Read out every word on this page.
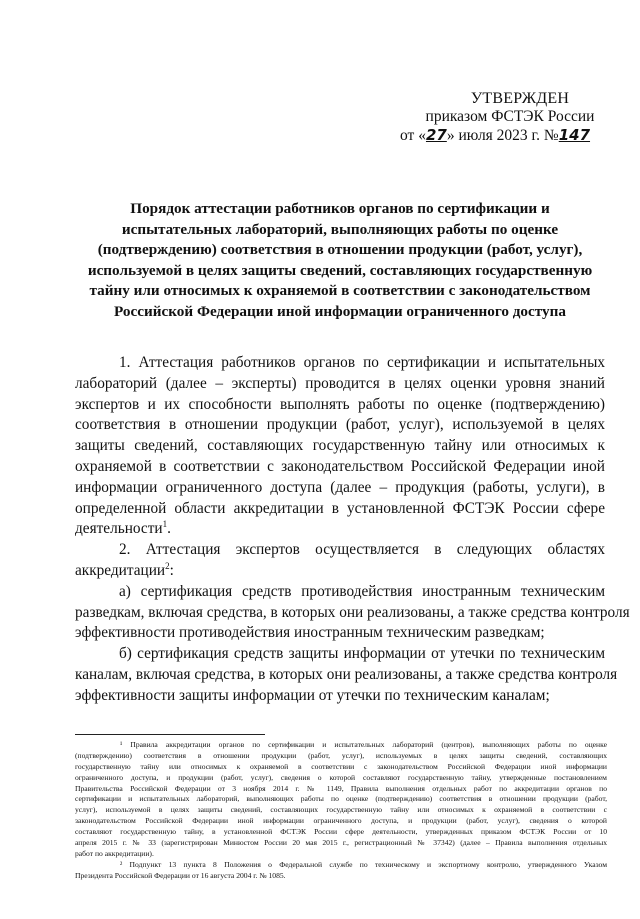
УТВЕРЖДЕН
приказом ФСТЭК России
от «27» июля 2023 г. №147
Порядок аттестации работников органов по сертификации и
испытательных лабораторий, выполняющих работы по оценке
(подтверждению) соответствия в отношении продукции (работ, услуг),
используемой в целях защиты сведений, составляющих государственную
тайну или относимых к охраняемой в соответствии с законодательством
Российской Федерации иной информации ограниченного доступа
1. Аттестация работников органов по сертификации и испытательных
лабораторий (далее – эксперты) проводится в целях оценки уровня знаний
экспертов и их способности выполнять работы по оценке (подтверждению)
соответствия в отношении продукции (работ, услуг), используемой в целях
защиты сведений, составляющих государственную тайну или относимых к
охраняемой в соответствии с законодательством Российской Федерации иной
информации ограниченного доступа (далее – продукция (работы, услуги), в
определенной области аккредитации в установленной ФСТЭК России сфере
деятельности$^1$.
2. Аттестация экспертов осуществляется в следующих областях
аккредитации$^2$:
а) сертификация средств противодействия иностранным техническим
разведкам, включая средства, в которых они реализованы, а также средства контроля
эффективности противодействия иностранным техническим разведкам;
б) сертификация средств защиты информации от утечки по техническим
каналам, включая средства, в которых они реализованы, а также средства контроля
эффективности защиты информации от утечки по техническим каналам;
¹ Правила аккредитации органов по сертификации и испытательных лабораторий (центров), выполняющих работы по оценке
(подтверждению) соответствия в отношении продукции (работ, услуг), используемых в целях защиты сведений, составляющих
государственную тайну или относимых к охраняемой в соответствии с законодательством Российской Федерации иной информации
ограниченного доступа, и продукции (работ, услуг), сведения о которой составляют государственную тайну, утвержденные постановлением
Правительства Российской Федерации от 3 ноября 2014 г. № 1149, Правила выполнения отдельных работ по аккредитации органов по
сертификации и испытательных лабораторий, выполняющих работы по оценке (подтверждению) соответствия в отношении продукции (работ,
услуг), используемой в целях защиты сведений, составляющих государственную тайну или относимых к охраняемой в соответствии с
законодательством Российской Федерации иной информации ограниченного доступа, и продукции (работ, услуг), сведения о которой
составляют государственную тайну, в установленной ФСТЭК России сфере деятельности, утвержденных приказом ФСТЭК России от 10
апреля 2015 г. № 33 (зарегистрирован Минюстом России 20 мая 2015 г., регистрационный № 37342) (далее – Правила выполнения отдельных
работ по аккредитации).
² Подпункт 13 пункта 8 Положения о Федеральной службе по техническому и экспортному контролю, утвержденного Указом
Президента Российской Федерации от 16 августа 2004 г. № 1085.
